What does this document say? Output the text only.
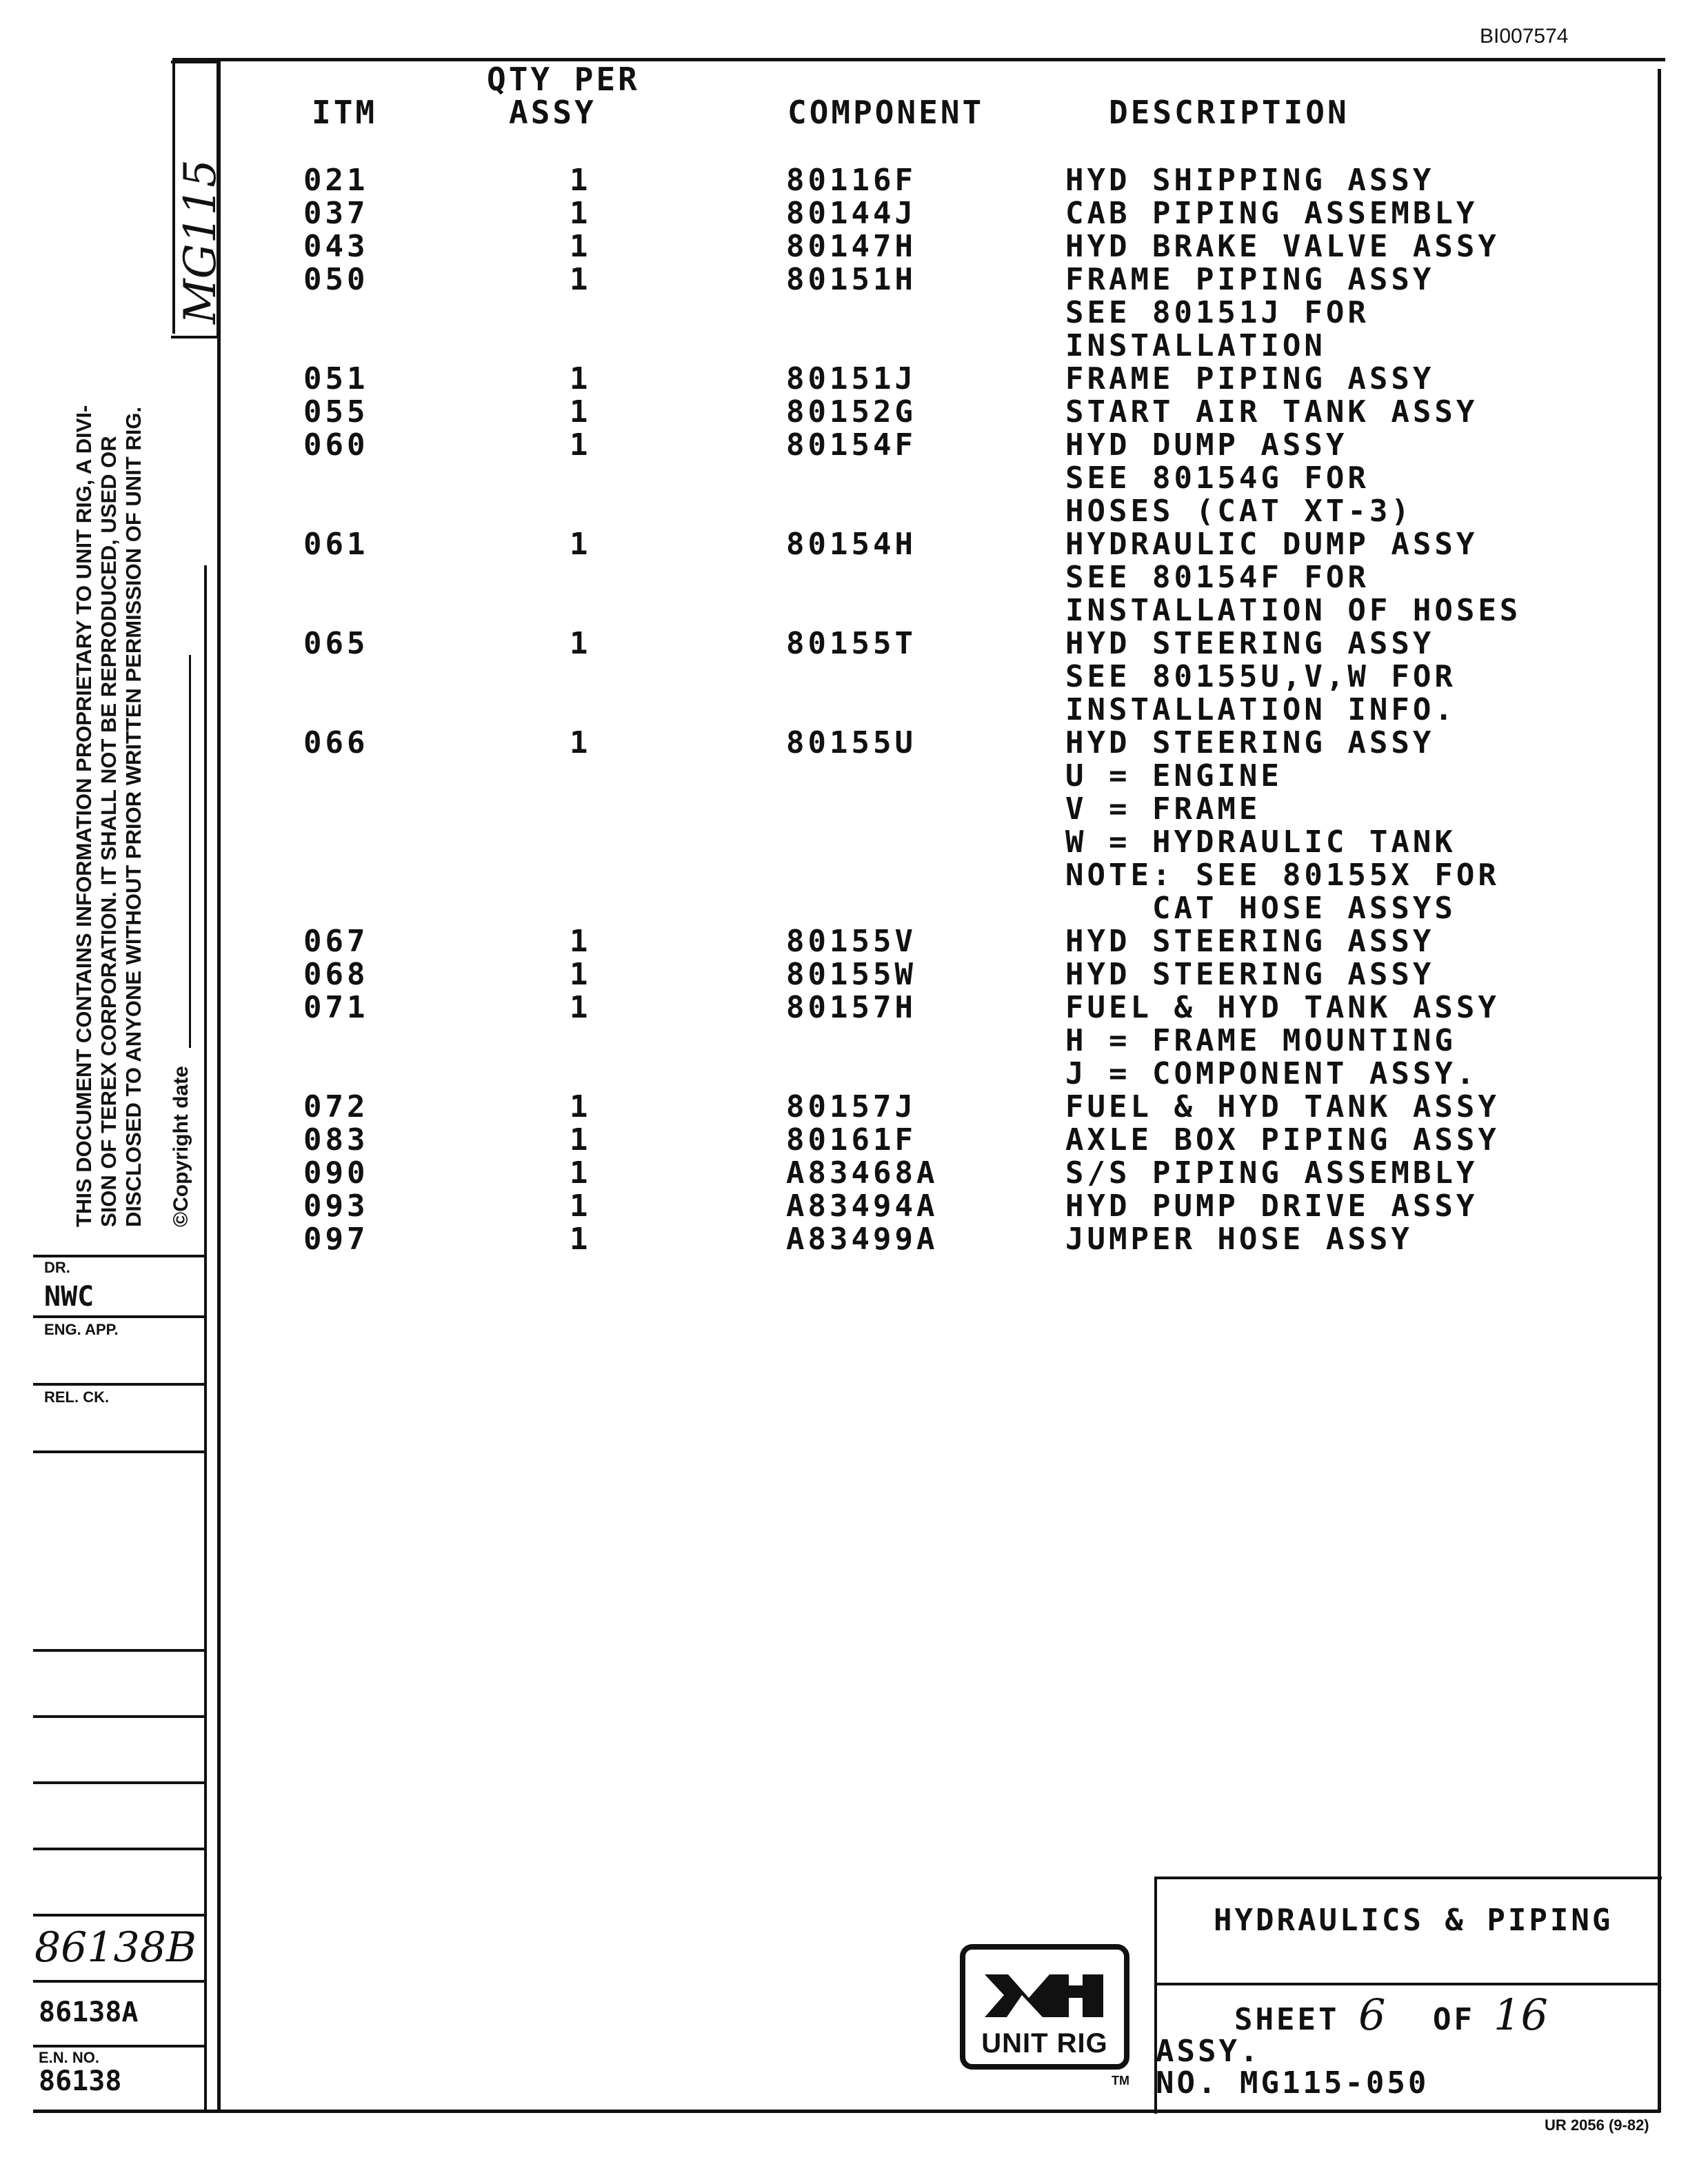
BI007574
MG115
THIS DOCUMENT CONTAINS INFORMATION PROPRIETARY TO UNIT RIG, A DIVI- SION OF TEREX CORPORATION. IT SHALL NOT BE REPRODUCED, USED OR DISCLOSED TO ANYONE WITHOUT PRIOR WRITTEN PERMISSION OF UNIT RIG. ©Copyright date
QTY PER
ITM	ASSY	COMPONENT	DESCRIPTION
021	1	80116F	HYD SHIPPING ASSY
037	1	80144J	CAB PIPING ASSEMBLY
043	1	80147H	HYD BRAKE VALVE ASSY
050	1	80151H	FRAME PIPING ASSY
SEE 80151J FOR
INSTALLATION
051	1	80151J	FRAME PIPING ASSY
055	1	80152G	START AIR TANK ASSY
060	1	80154F	HYD DUMP ASSY
SEE 80154G FOR
HOSES (CAT XT-3)
061	1	80154H	HYDRAULIC DUMP ASSY
SEE 80154F FOR
INSTALLATION OF HOSES
065	1	80155T	HYD STEERING ASSY
SEE 80155U,V,W FOR
INSTALLATION INFO.
066	1	80155U	HYD STEERING ASSY
U = ENGINE
V = FRAME
W = HYDRAULIC TANK
NOTE: SEE 80155X FOR
CAT HOSE ASSYS
067	1	80155V	HYD STEERING ASSY
068	1	80155W	HYD STEERING ASSY
071	1	80157H	FUEL & HYD TANK ASSY
H = FRAME MOUNTING
J = COMPONENT ASSY.
072	1	80157J	FUEL & HYD TANK ASSY
083	1	80161F	AXLE BOX PIPING ASSY
090	1	A83468A	S/S PIPING ASSEMBLY
093	1	A83494A	HYD PUMP DRIVE ASSY
097	1	A83499A	JUMPER HOSE ASSY
DR.
NWC
ENG. APP.
REL. CK.
86138B
86138A
E.N. NO.
86138
HYDRAULICS & PIPING
SHEET 6 OF 16
ASSY.
NO. MG115-050
UNIT RIG
TM
UR 2056 (9-82)
